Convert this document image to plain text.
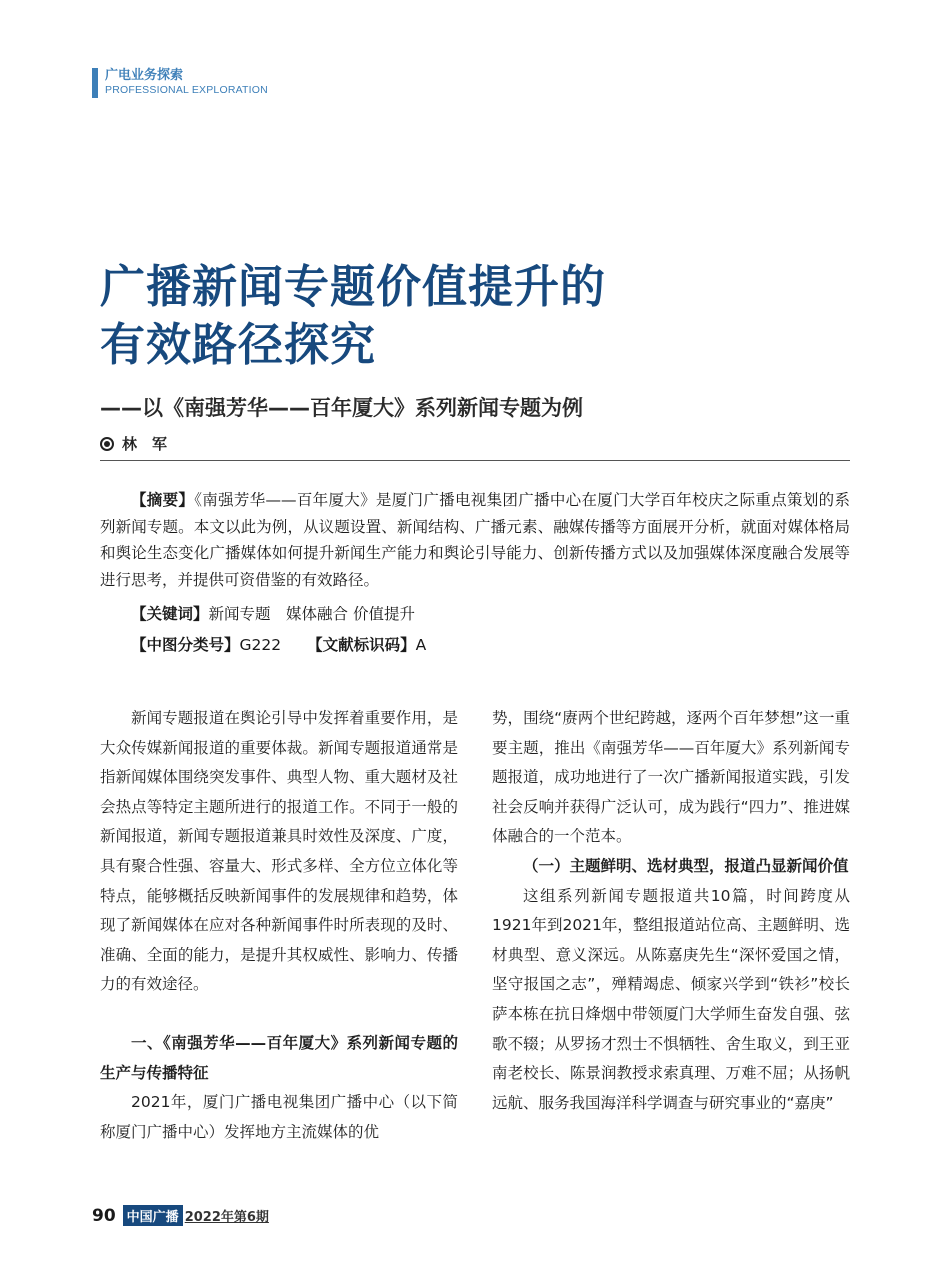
广电业务探索
PROFESSIONAL EXPLORATION
广播新闻专题价值提升的
有效路径探究
——以《南强芳华——百年厦大》系列新闻专题为例
林　军

【摘要】《南强芳华——百年厦大》是厦门广播电视集团广播中心在厦门大学百年校庆之际重点策划的系列新闻专题。本文以此为例，从议题设置、新闻结构、广播元素、融媒传播等方面展开分析，就面对媒体格局和舆论生态变化广播媒体如何提升新闻生产能力和舆论引导能力、创新传播方式以及加强媒体深度融合发展等进行思考，并提供可资借鉴的有效路径。

【关键词】新闻专题　媒体融合 价值提升
【中图分类号】G222 【文献标识码】A

新闻专题报道在舆论引导中发挥着重要作用，是大众传媒新闻报道的重要体裁。新闻专题报道通常是指新闻媒体围绕突发事件、典型人物、重大题材及社会热点等特定主题所进行的报道工作。不同于一般的新闻报道，新闻专题报道兼具时效性及深度、广度，具有聚合性强、容量大、形式多样、全方位立体化等特点，能够概括反映新闻事件的发展规律和趋势，体现了新闻媒体在应对各种新闻事件时所表现的及时、准确、全面的能力，是提升其权威性、影响力、传播力的有效途径。

一、《南强芳华——百年厦大》系列新闻专题的生产与传播特征

2021年，厦门广播电视集团广播中心（以下简称厦门广播中心）发挥地方主流媒体的优

势，围绕“赓两个世纪跨越，逐两个百年梦想”这一重要主题，推出《南强芳华——百年厦大》系列新闻专题报道，成功地进行了一次广播新闻报道实践，引发社会反响并获得广泛认可，成为践行“四力”、推进媒体融合的一个范本。

（一）主题鲜明、选材典型，报道凸显新闻价值

这组系列新闻专题报道共10篇，时间跨度从1921年到2021年，整组报道站位高、主题鲜明、选材典型、意义深远。从陈嘉庚先生“深怀爱国之情，坚守报国之志”，殚精竭虑、倾家兴学到“铁衫”校长萨本栋在抗日烽烟中带领厦门大学师生奋发自强、弦歌不辍；从罗扬才烈士不惧牺牲、舍生取义，到王亚南老校长、陈景润教授求索真理、万难不屈；从扬帆远航、服务我国海洋科学调查与研究事业的“嘉庚”

90 中国广播 2022年第6期
